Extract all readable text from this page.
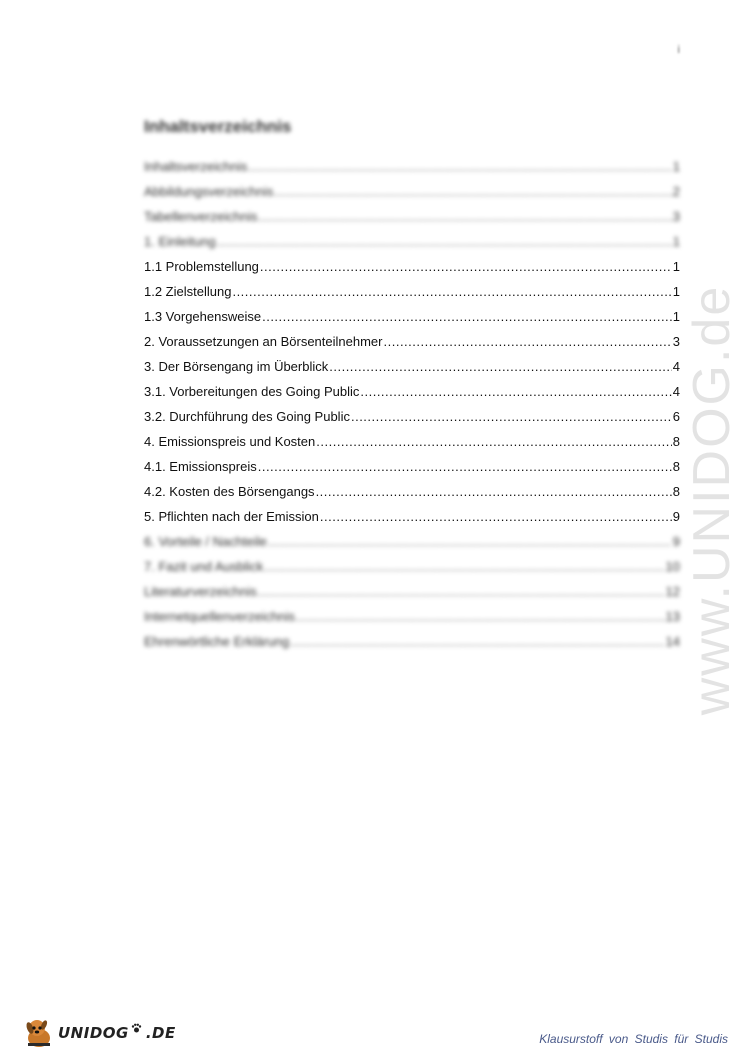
i
www.UNIDOG.de
Inhaltsverzeichnis
Inhaltsverzeichnis .....	1
Abbildungsverzeichnis .....	2
Tabellenverzeichnis .....	3
1. Einleitung .....	1
1.1 Problemstellung .....	1
1.2 Zielstellung .....	1
1.3 Vorgehensweise .....	1
2. Voraussetzungen an Börsenteilnehmer .....	3
3. Der Börsengang im Überblick .....	4
3.1. Vorbereitungen des Going Public .....	4
3.2. Durchführung des Going Public .....	6
4. Emissionspreis und Kosten .....	8
4.1. Emissionspreis .....	8
4.2. Kosten des Börsengangs .....	8
5. Pflichten nach der Emission .....	9
6. Vorteile / Nachteile .....	9
7. Fazit und Ausblick .....	10
Literaturverzeichnis .....	12
Internetquellenverzeichnis .....	13
Ehrenwörtliche Erklärung .....	14
UNIDOG .DE	Klausurstoff von Studis für Studis
